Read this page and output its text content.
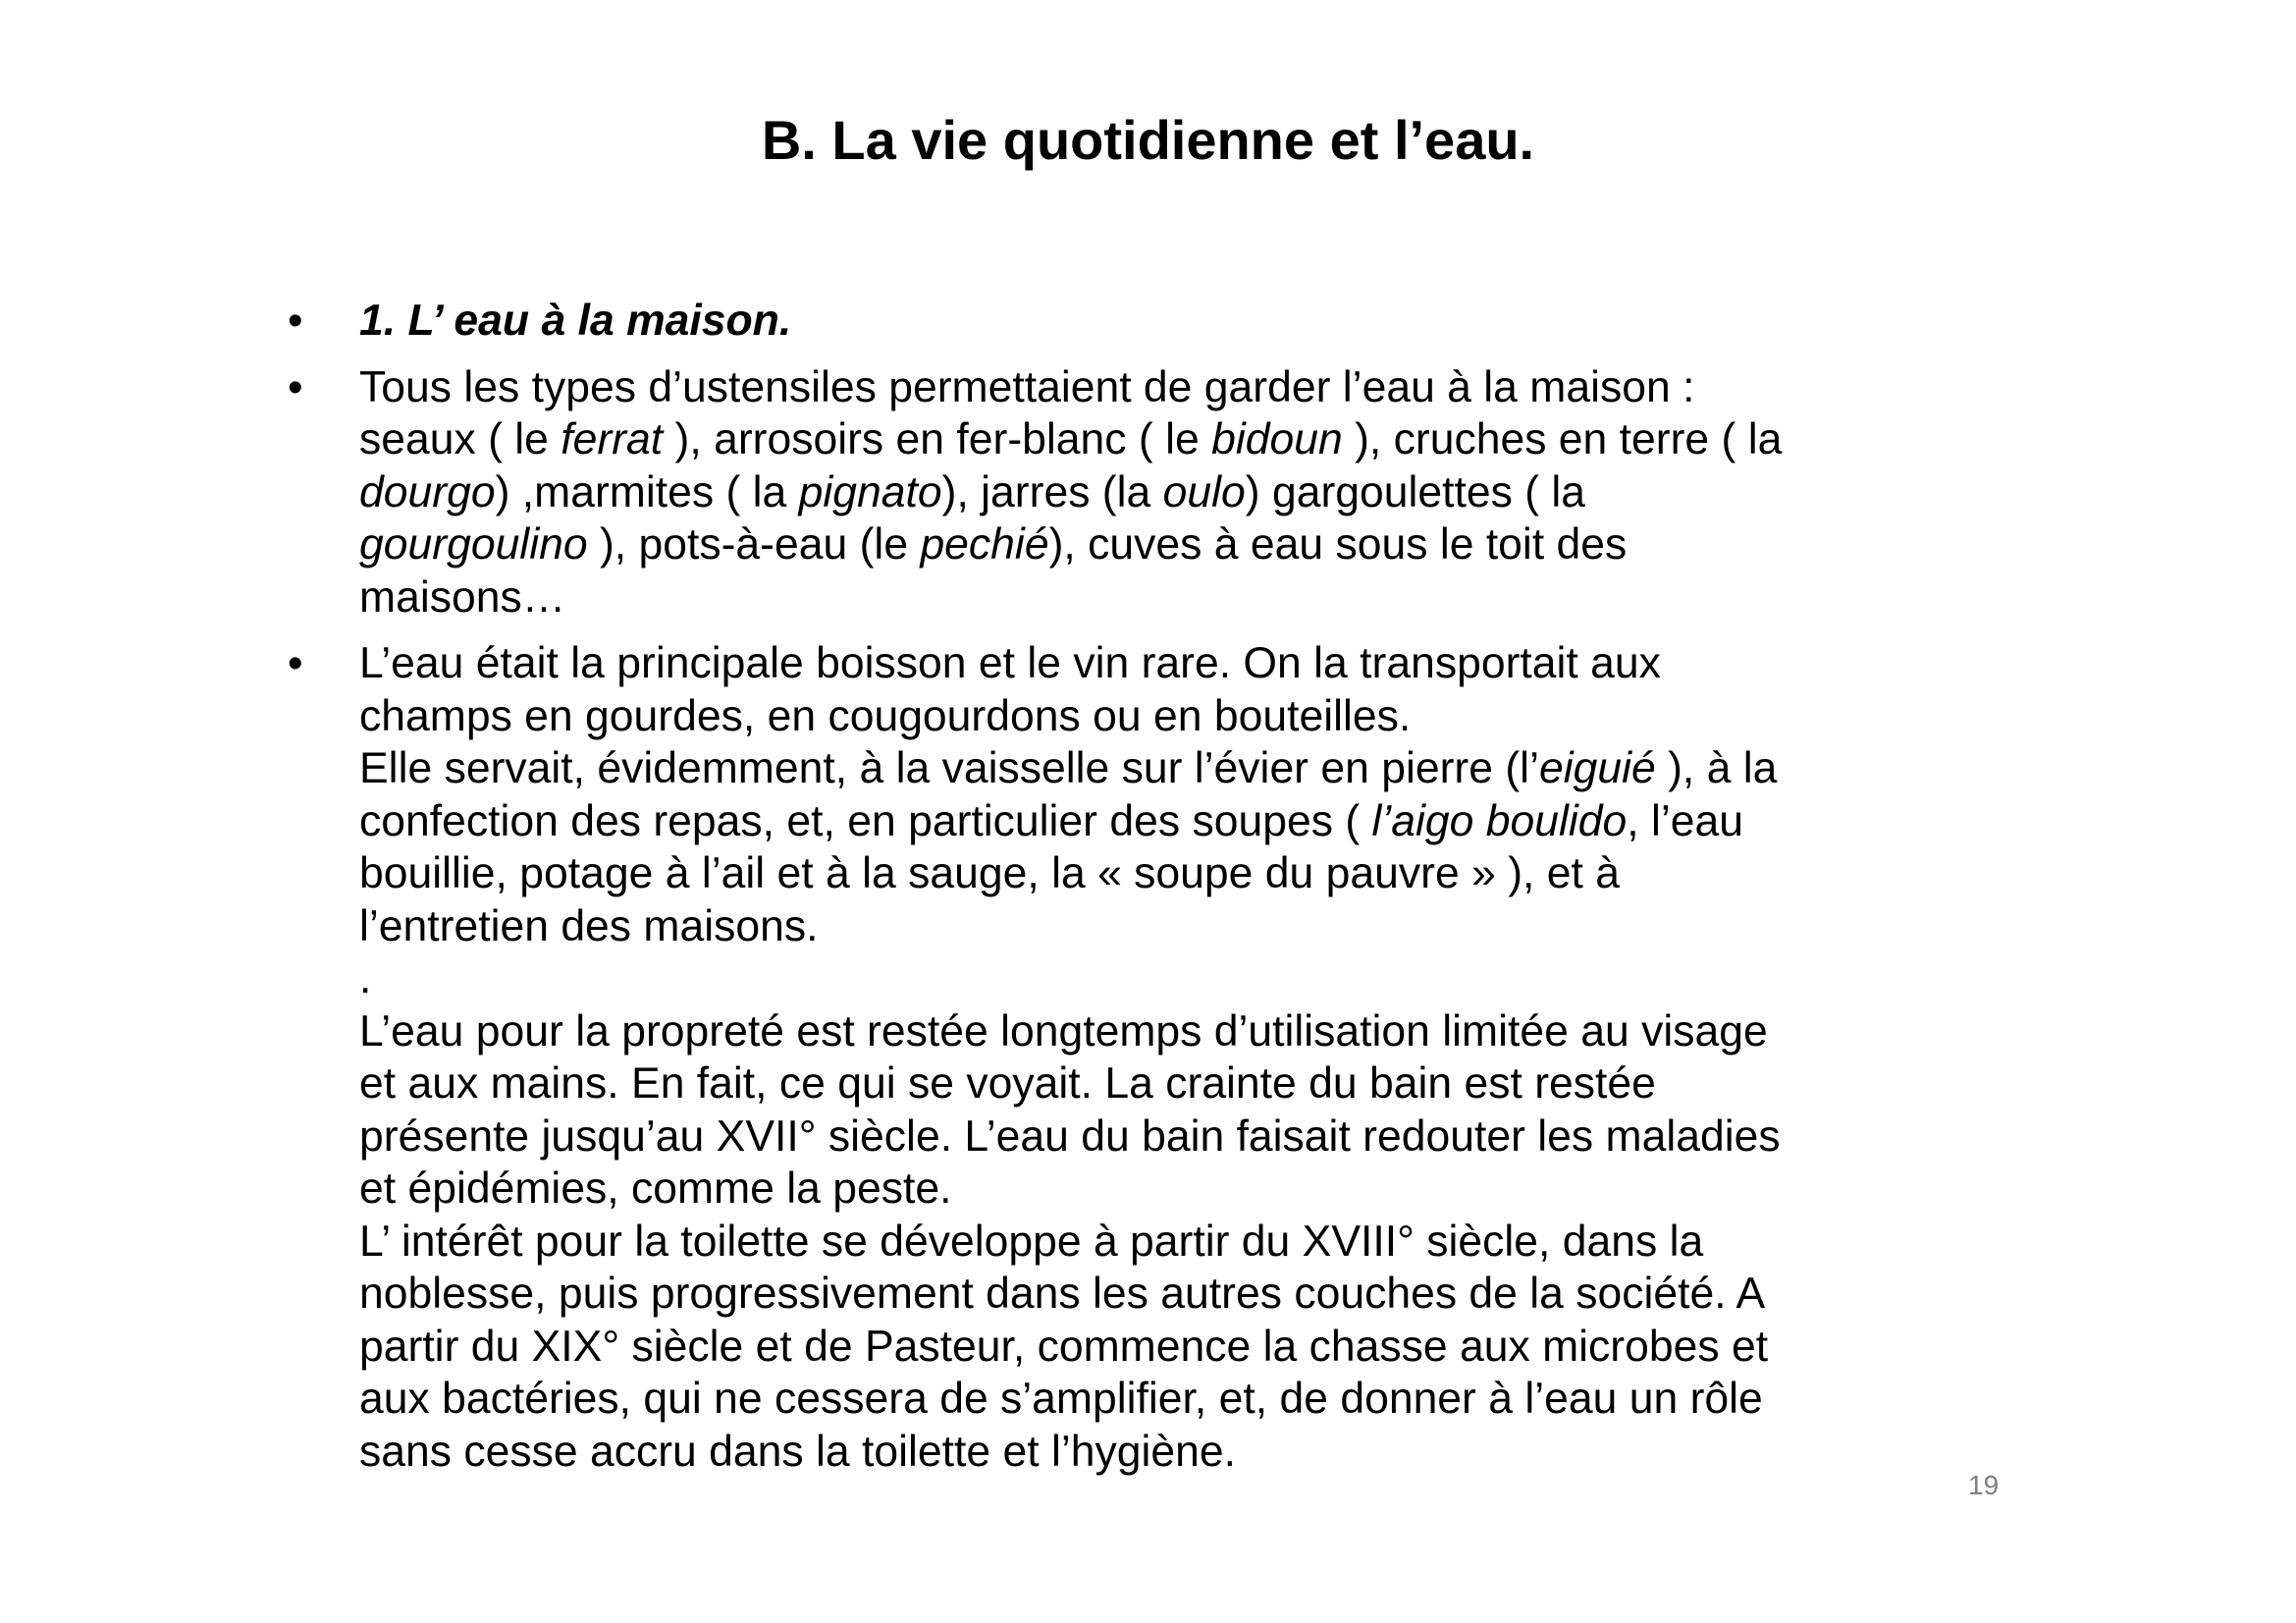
B. La vie quotidienne et l’eau.
• 1. L’ eau à la maison.
• Tous les types d’ustensiles permettaient de garder l’eau à la maison :
seaux ( le ferrat ), arrosoirs en fer-blanc ( le bidoun ), cruches en terre ( la
dourgo) ,marmites ( la pignato), jarres (la oulo) gargoulettes ( la
gourgoulino ), pots-à-eau (le pechié), cuves à eau sous le toit des
maisons…
• L’eau était la principale boisson et le vin rare. On la transportait aux
champs en gourdes, en cougourdons ou en bouteilles.
Elle servait, évidemment, à la vaisselle sur l’évier en pierre (l’eiguié ), à la
confection des repas, et, en particulier des soupes ( l’aigo boulido, l’eau
bouillie, potage à l’ail et à la sauge, la « soupe du pauvre » ), et à
l’entretien des maisons.
.
L’eau pour la propreté est restée longtemps d’utilisation limitée au visage
et aux mains. En fait, ce qui se voyait. La crainte du bain est restée
présente jusqu’au XVII° siècle. L’eau du bain faisait redouter les maladies
et épidémies, comme la peste.
L’ intérêt pour la toilette se développe à partir du XVIII° siècle, dans la
noblesse, puis progressivement dans les autres couches de la société. A
partir du XIX° siècle et de Pasteur, commence la chasse aux microbes et
aux bactéries, qui ne cessera de s’amplifier, et, de donner à l’eau un rôle
sans cesse accru dans la toilette et l’hygiène.
19
